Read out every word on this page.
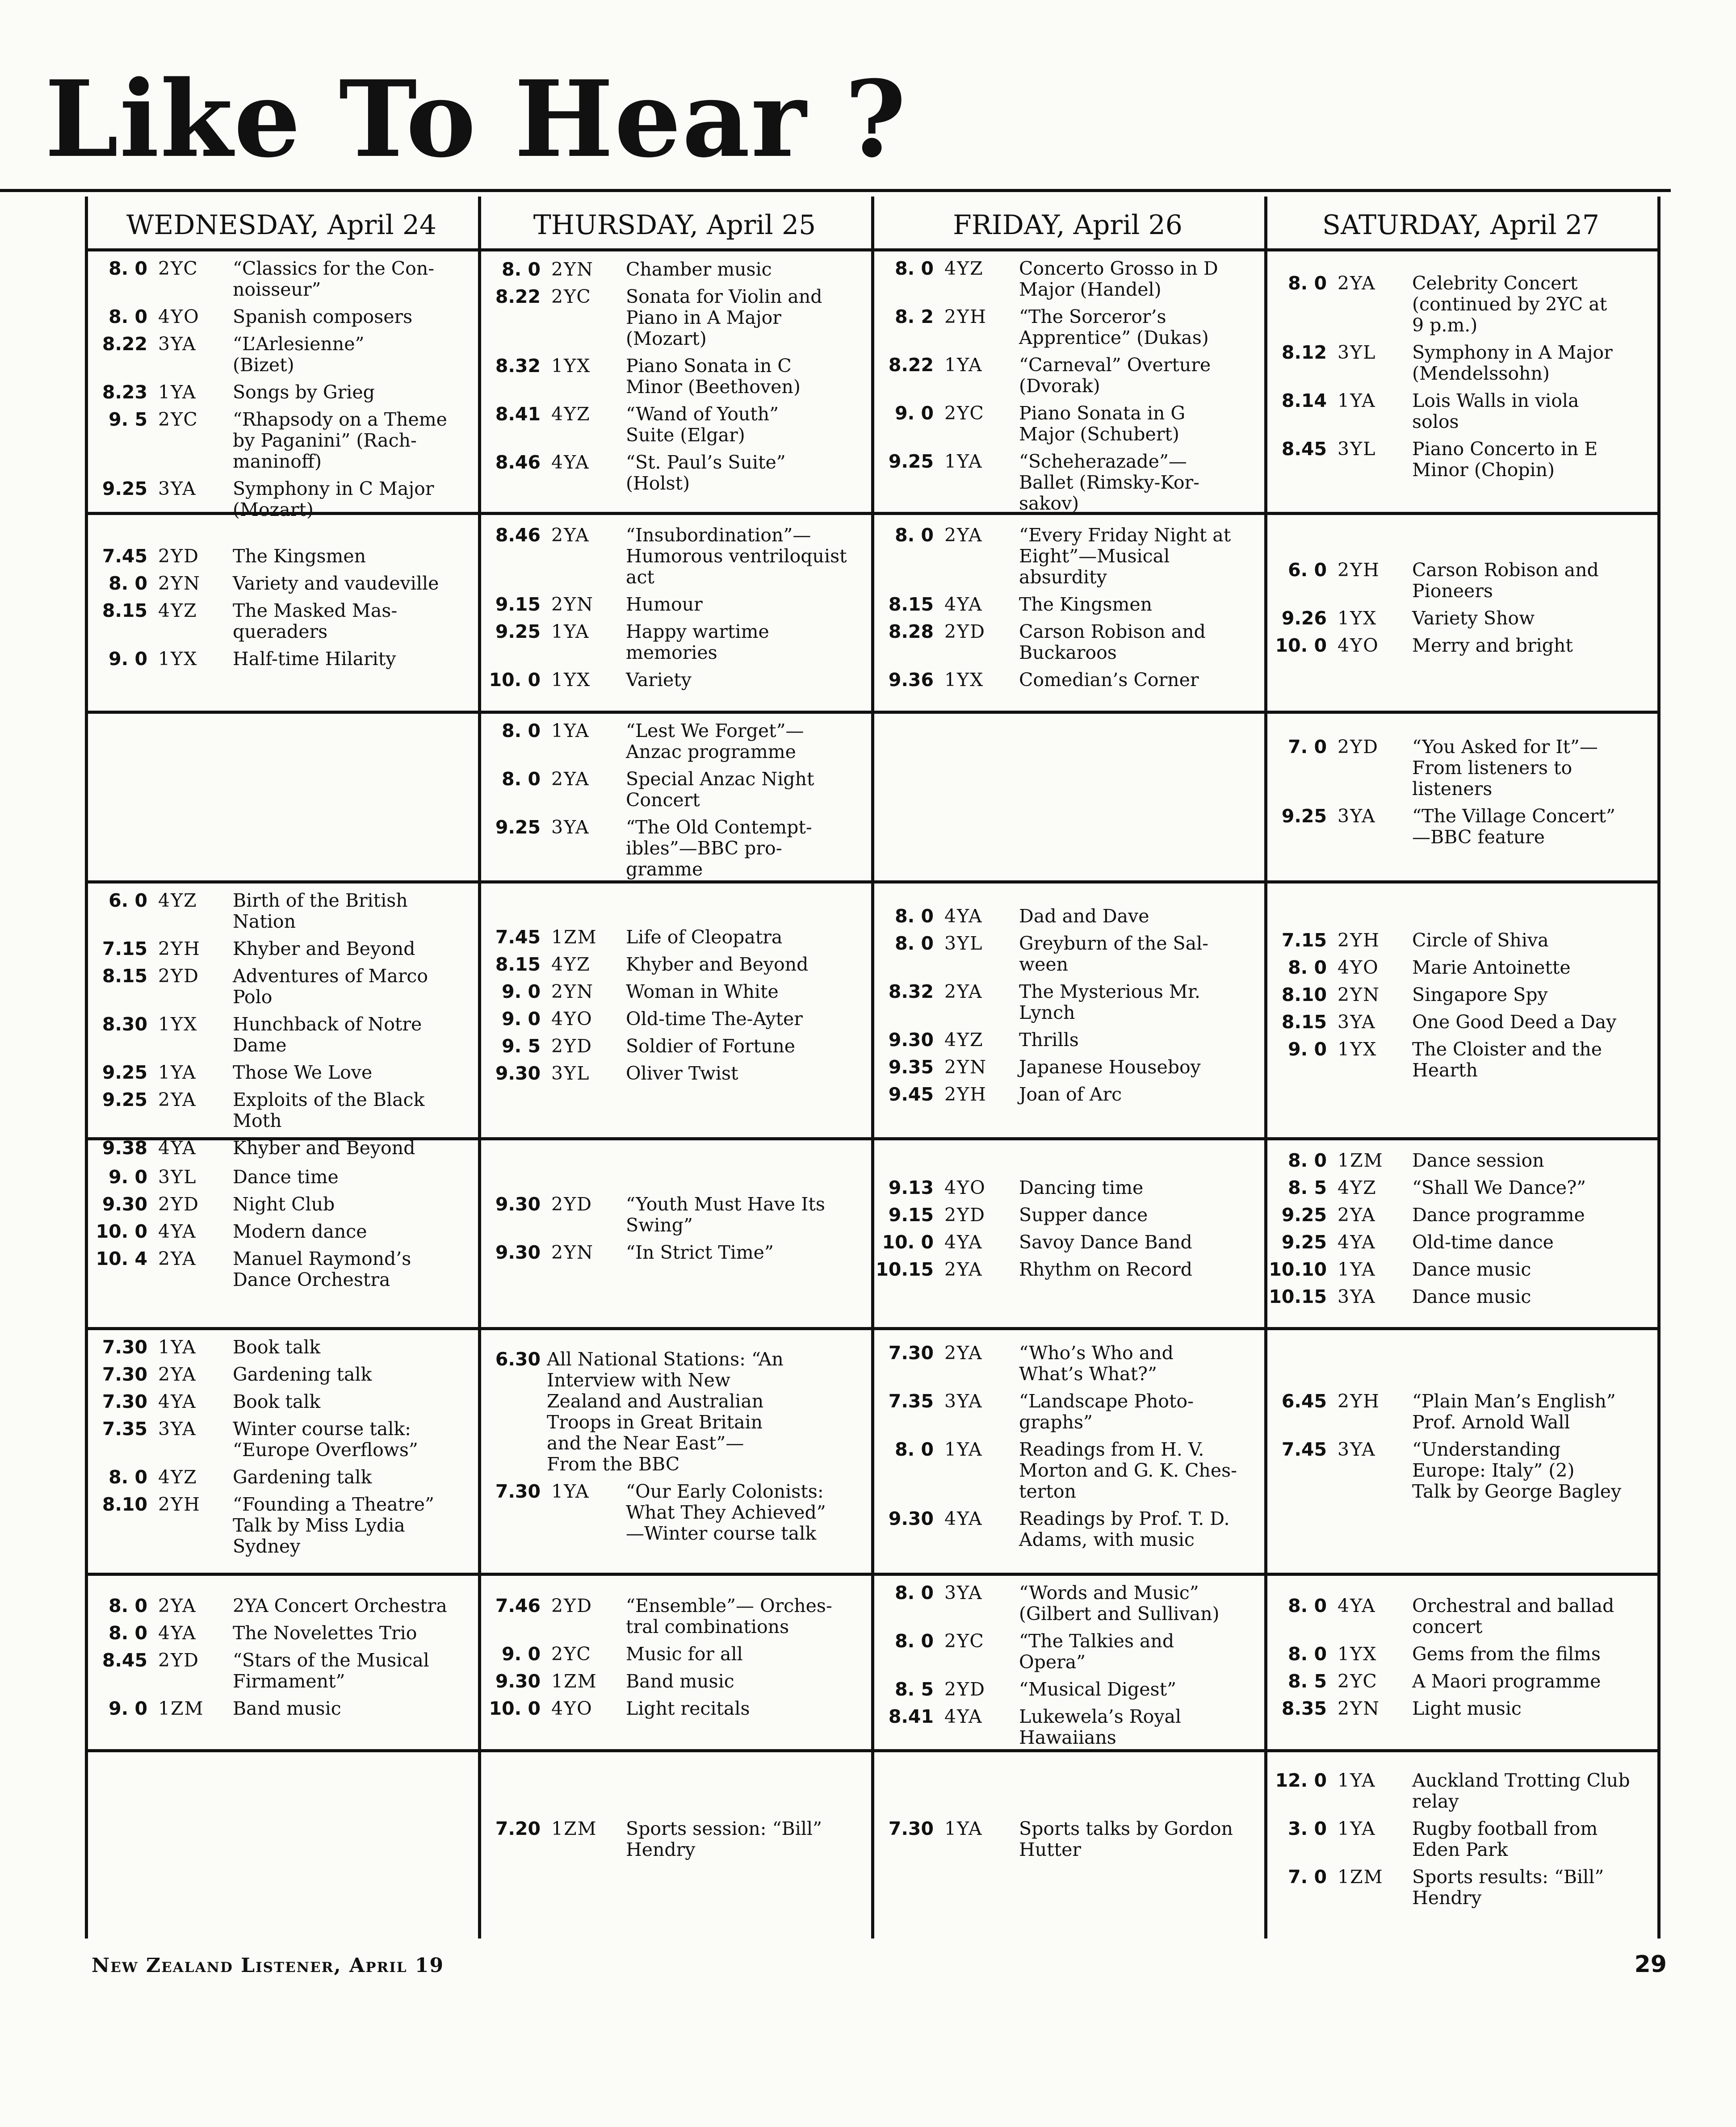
Like To Hear ?
WEDNESDAY, April 24
8. 0 2YC	“Classics for the Con-
noisseur”
8. 0 4YO	Spanish composers
8.22 3YA	“L’Arlesienne”
(Bizet)
8.23 1YA	Songs by Grieg
9. 5 2YC	“Rhapsody on a Theme
by Paganini” (Rach-
maninoff)
9.25 3YA	Symphony in C Major
(Mozart)
7.45 2YD	The Kingsmen
8. 0 2YN	Variety and vaudeville
8.15 4YZ	The Masked Mas-
queraders
9. 0 1YX	Half-time Hilarity
6. 0 4YZ	Birth of the British
Nation
7.15 2YH	Khyber and Beyond
8.15 2YD	Adventures of Marco
Polo
8.30 1YX	Hunchback of Notre
Dame
9.25 1YA	Those We Love
9.25 2YA	Exploits of the Black
Moth
9.38 4YA	Khyber and Beyond
9. 0 3YL	Dance time
9.30 2YD	Night Club
10. 0 4YA	Modern dance
10. 4 2YA	Manuel Raymond’s
Dance Orchestra
7.30 1YA	Book talk
7.30 2YA	Gardening talk
7.30 4YA	Book talk
7.35 3YA	Winter course talk:
“Europe Overflows”
8. 0 4YZ	Gardening talk
8.10 2YH	“Founding a Theatre”
Talk by Miss Lydia
Sydney
8. 0 2YA	2YA Concert Orchestra
8. 0 4YA	The Novelettes Trio
8.45 2YD	“Stars of the Musical
Firmament”
9. 0 1ZM	Band music
THURSDAY, April 25
8. 0 2YN	Chamber music
8.22 2YC	Sonata for Violin and
Piano in A Major
(Mozart)
8.32 1YX	Piano Sonata in C
Minor (Beethoven)
8.41 4YZ	“Wand of Youth”
Suite (Elgar)
8.46 4YA	“St. Paul’s Suite”
(Holst)
8.46 2YA	“Insubordination”—
Humorous ventriloquist
act
9.15 2YN	Humour
9.25 1YA	Happy wartime
memories
10. 0 1YX	Variety
8. 0 1YA	“Lest We Forget”—
Anzac programme
8. 0 2YA	Special Anzac Night
Concert
9.25 3YA	“The Old Contempt-
ibles”—BBC pro-
gramme
7.45 1ZM	Life of Cleopatra
8.15 4YZ	Khyber and Beyond
9. 0 2YN	Woman in White
9. 0 4YO	Old-time The-Ayter
9. 5 2YD	Soldier of Fortune
9.30 3YL	Oliver Twist
9.30 2YD	“Youth Must Have Its
Swing”
9.30 2YN	“In Strict Time”
6.30 All National Stations: “An
Interview with New
Zealand and Australian
Troops in Great Britain
and the Near East”—
From the BBC
7.30 1YA	“Our Early Colonists:
What They Achieved”
—Winter course talk
7.46 2YD	“Ensemble”— Orches-
tral combinations
9. 0 2YC	Music for all
9.30 1ZM	Band music
10. 0 4YO	Light recitals
7.20 1ZM	Sports session: “Bill”
Hendry
FRIDAY, April 26
8. 0 4YZ	Concerto Grosso in D
Major (Handel)
8. 2 2YH	“The Sorceror’s
Apprentice” (Dukas)
8.22 1YA	“Carneval” Overture
(Dvorak)
9. 0 2YC	Piano Sonata in G
Major (Schubert)
9.25 1YA	“Scheherazade”—
Ballet (Rimsky-Kor-
sakov)
8. 0 2YA	“Every Friday Night at
Eight”—Musical
absurdity
8.15 4YA	The Kingsmen
8.28 2YD	Carson Robison and
Buckaroos
9.36 1YX	Comedian’s Corner
8. 0 4YA	Dad and Dave
8. 0 3YL	Greyburn of the Sal-
ween
8.32 2YA	The Mysterious Mr.
Lynch
9.30 4YZ	Thrills
9.35 2YN	Japanese Houseboy
9.45 2YH	Joan of Arc
9.13 4YO	Dancing time
9.15 2YD	Supper dance
10. 0 4YA	Savoy Dance Band
10.15 2YA	Rhythm on Record
7.30 2YA	“Who’s Who and
What’s What?”
7.35 3YA	“Landscape Photo-
graphs”
8. 0 1YA	Readings from H. V.
Morton and G. K. Ches-
terton
9.30 4YA	Readings by Prof. T. D.
Adams, with music
8. 0 3YA	“Words and Music”
(Gilbert and Sullivan)
8. 0 2YC	“The Talkies and
Opera”
8. 5 2YD	“Musical Digest”
8.41 4YA	Lukewela’s Royal
Hawaiians
7.30 1YA	Sports talks by Gordon
Hutter
SATURDAY, April 27
8. 0 2YA	Celebrity Concert
(continued by 2YC at
9 p.m.)
8.12 3YL	Symphony in A Major
(Mendelssohn)
8.14 1YA	Lois Walls in viola
solos
8.45 3YL	Piano Concerto in E
Minor (Chopin)
6. 0 2YH	Carson Robison and
Pioneers
9.26 1YX	Variety Show
10. 0 4YO	Merry and bright
7. 0 2YD	“You Asked for It”—
From listeners to
listeners
9.25 3YA	“The Village Concert”
—BBC feature
7.15 2YH	Circle of Shiva
8. 0 4YO	Marie Antoinette
8.10 2YN	Singapore Spy
8.15 3YA	One Good Deed a Day
9. 0 1YX	The Cloister and the
Hearth
8. 0 1ZM	Dance session
8. 5 4YZ	“Shall We Dance?”
9.25 2YA	Dance programme
9.25 4YA	Old-time dance
10.10 1YA	Dance music
10.15 3YA	Dance music
6.45 2YH	“Plain Man’s English”
Prof. Arnold Wall
7.45 3YA	“Understanding
Europe: Italy” (2)
Talk by George Bagley
8. 0 4YA	Orchestral and ballad
concert
8. 0 1YX	Gems from the films
8. 5 2YC	A Maori programme
8.35 2YN	Light music
12. 0 1YA	Auckland Trotting Club
relay
3. 0 1YA	Rugby football from
Eden Park
7. 0 1ZM	Sports results: “Bill”
Hendry
New Zealand Listener, April 19	29
